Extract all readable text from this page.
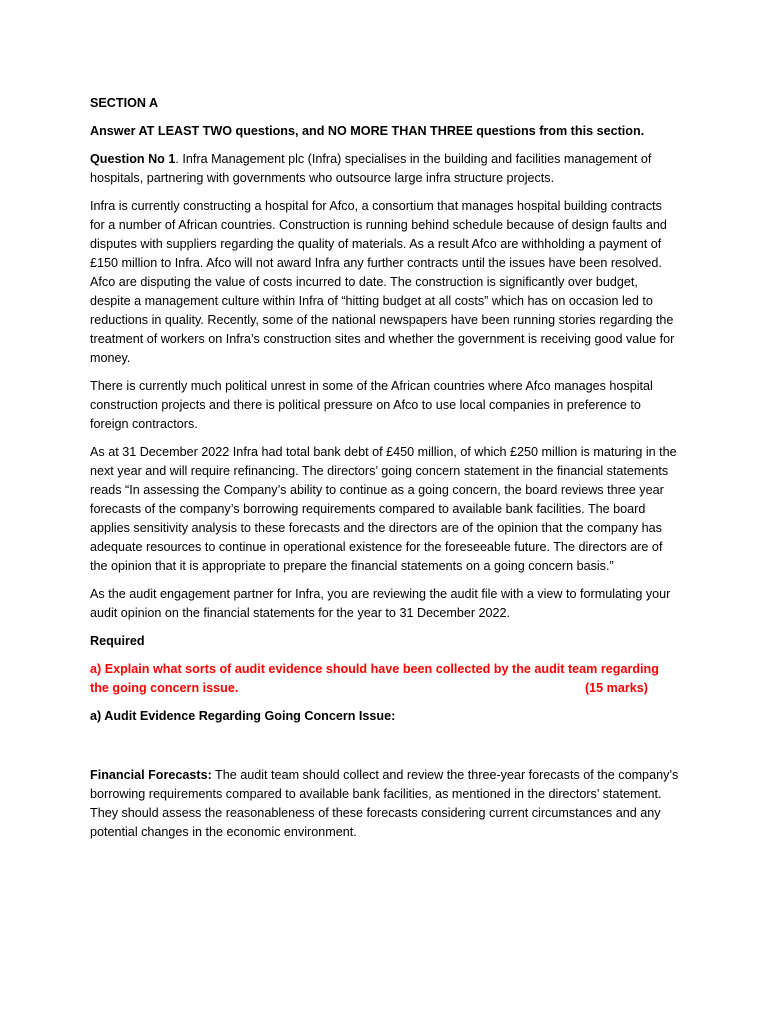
SECTION A

Answer AT LEAST TWO questions, and NO MORE THAN THREE questions from this section.

Question No 1. Infra Management plc (Infra) specialises in the building and facilities management of hospitals, partnering with governments who outsource large infra structure projects.

Infra is currently constructing a hospital for Afco, a consortium that manages hospital building contracts for a number of African countries. Construction is running behind schedule because of design faults and disputes with suppliers regarding the quality of materials. As a result Afco are withholding a payment of £150 million to Infra. Afco will not award Infra any further contracts until the issues have been resolved. Afco are disputing the value of costs incurred to date. The construction is significantly over budget, despite a management culture within Infra of “hitting budget at all costs” which has on occasion led to reductions in quality. Recently, some of the national newspapers have been running stories regarding the treatment of workers on Infra’s construction sites and whether the government is receiving good value for money.

There is currently much political unrest in some of the African countries where Afco manages hospital construction projects and there is political pressure on Afco to use local companies in preference to foreign contractors.

As at 31 December 2022 Infra had total bank debt of £450 million, of which £250 million is maturing in the next year and will require refinancing. The directors’ going concern statement in the financial statements reads “In assessing the Company’s ability to continue as a going concern, the board reviews three year forecasts of the company’s borrowing requirements compared to available bank facilities. The board applies sensitivity analysis to these forecasts and the directors are of the opinion that the company has adequate resources to continue in operational existence for the foreseeable future. The directors are of the opinion that it is appropriate to prepare the financial statements on a going concern basis.”

As the audit engagement partner for Infra, you are reviewing the audit file with a view to formulating your audit opinion on the financial statements for the year to 31 December 2022.

Required

a) Explain what sorts of audit evidence should have been collected by the audit team regarding the going concern issue.	(15 marks)

a) Audit Evidence Regarding Going Concern Issue:

Financial Forecasts: The audit team should collect and review the three-year forecasts of the company’s borrowing requirements compared to available bank facilities, as mentioned in the directors’ statement. They should assess the reasonableness of these forecasts considering current circumstances and any potential changes in the economic environment.
